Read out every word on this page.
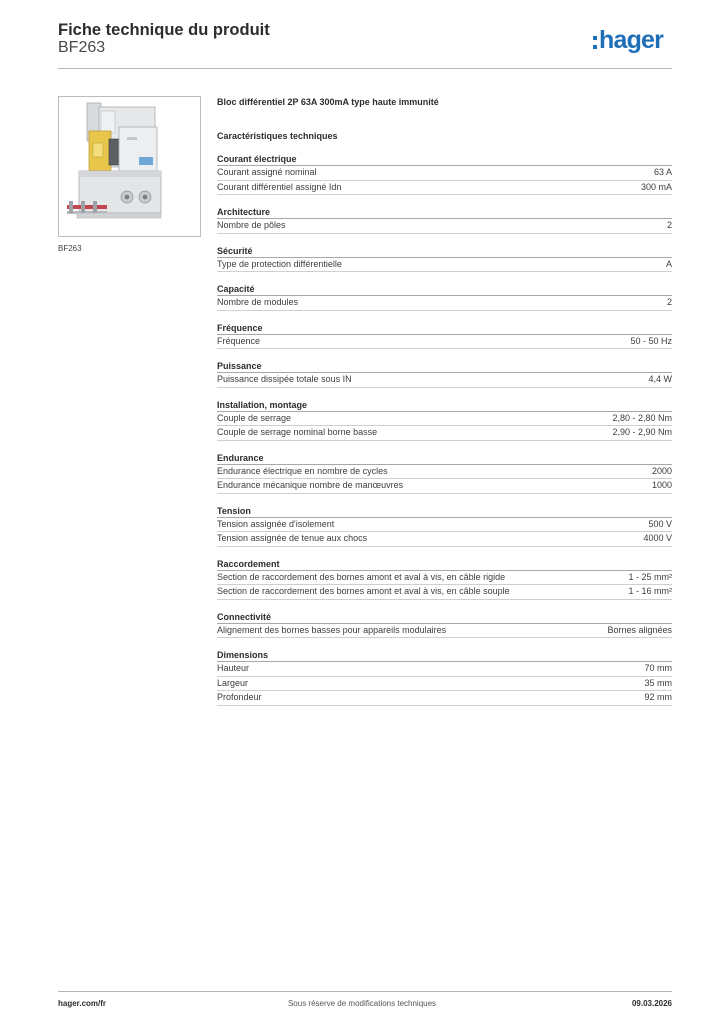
Fiche technique du produit
BF263	hager
BF263
Bloc différentiel 2P 63A 300mA type haute immunité
Caractéristiques techniques
Courant électrique
Courant assigné nominal	63 A
Courant différentiel assigné Idn	300 mA
Architecture
Nombre de pôles	2
Sécurité
Type de protection différentielle	A
Capacité
Nombre de modules	2
Fréquence
Fréquence	50 - 50 Hz
Puissance
Puissance dissipée totale sous IN	4,4 W
Installation, montage
Couple de serrage	2,80 - 2,80 Nm
Couple de serrage nominal borne basse	2,90 - 2,90 Nm
Endurance
Endurance électrique en nombre de cycles	2000
Endurance mécanique nombre de manœuvres	1000
Tension
Tension assignée d'isolement	500 V
Tension assignée de tenue aux chocs	4000 V
Raccordement
Section de raccordement des bornes amont et aval à vis, en câble rigide	1 - 25 mm²
Section de raccordement des bornes amont et aval à vis, en câble souple	1 - 16 mm²
Connectivité
Alignement des bornes basses pour appareils modulaires	Bornes alignées
Dimensions
Hauteur	70 mm
Largeur	35 mm
Profondeur	92 mm
hager.com/fr	Sous réserve de modifications techniques	09.03.2026
